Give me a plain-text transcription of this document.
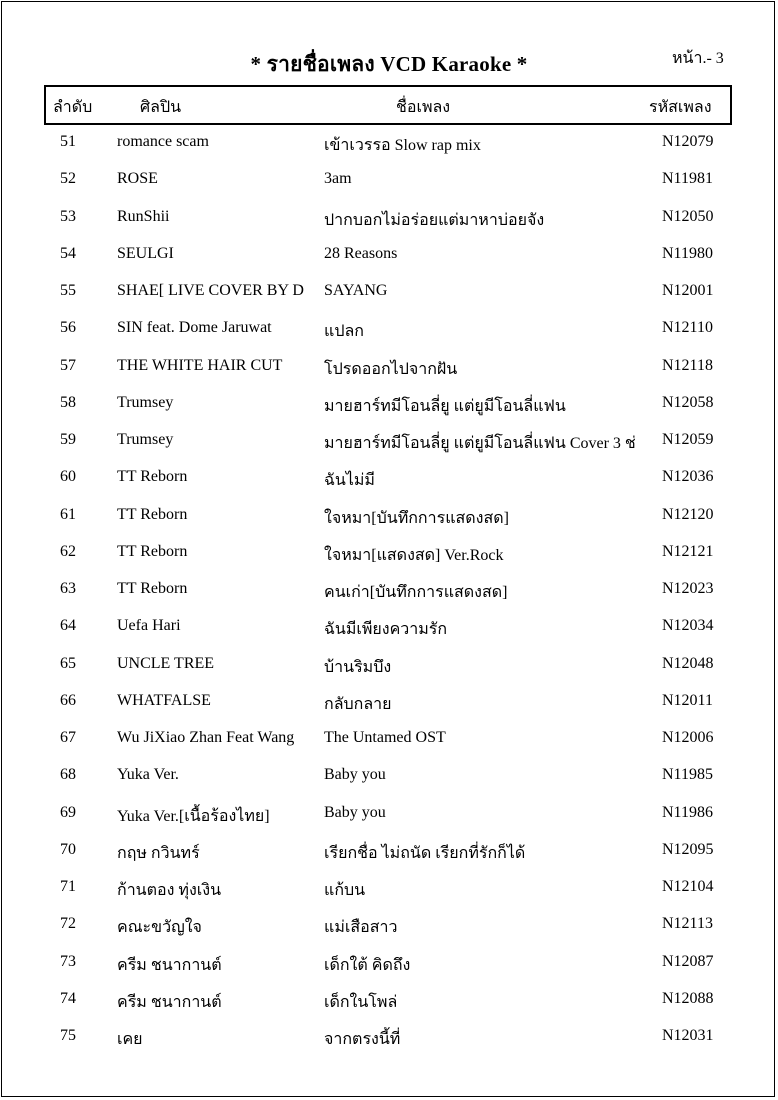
* รายชื่อเพลง VCD Karaoke *	หน้า.- 3
ลำดับ	ศิลปิน	ชื่อเพลง	รหัสเพลง
51	romance scam	เข้าเวรรอ Slow rap mix	N12079
52	ROSE	3am	N11981
53	RunShii	ปากบอกไม่อร่อยแต่มาหาบ่อยจัง	N12050
54	SEULGI	28 Reasons	N11980
55	SHAE[ LIVE COVER BY D	SAYANG	N12001
56	SIN feat. Dome Jaruwat	แปลก	N12110
57	THE WHITE HAIR CUT	โปรดออกไปจากฝัน	N12118
58	Trumsey	มายฮาร์ทมีโอนลี่ยู แต่ยูมีโอนลี่แฟน	N12058
59	Trumsey	มายฮาร์ทมีโอนลี่ยู แต่ยูมีโอนลี่แฟน Cover 3 ช่	N12059
60	TT Reborn	ฉันไม่มี	N12036
61	TT Reborn	ใจหมา[บันทึกการแสดงสด]	N12120
62	TT Reborn	ใจหมา[แสดงสด] Ver.Rock	N12121
63	TT Reborn	คนเก่า[บันทึกการแสดงสด]	N12023
64	Uefa Hari	ฉันมีเพียงความรัก	N12034
65	UNCLE TREE	บ้านริมบึง	N12048
66	WHATFALSE	กลับกลาย	N12011
67	Wu JiXiao Zhan Feat Wang	The Untamed OST	N12006
68	Yuka Ver.	Baby you	N11985
69	Yuka Ver.[เนื้อร้องไทย]	Baby you	N11986
70	กฤษ กวินทร์	เรียกชื่อ ไม่ถนัด เรียกที่รักก็ได้	N12095
71	ก้านตอง ทุ่งเงิน	แก้บน	N12104
72	คณะขวัญใจ	แม่เสือสาว	N12113
73	ครีม ชนากานต์	เด็กใต้ คิดถึง	N12087
74	ครีม ชนากานต์	เด็กในโพล่	N12088
75	เคย	จากตรงนี้ที่	N12031
